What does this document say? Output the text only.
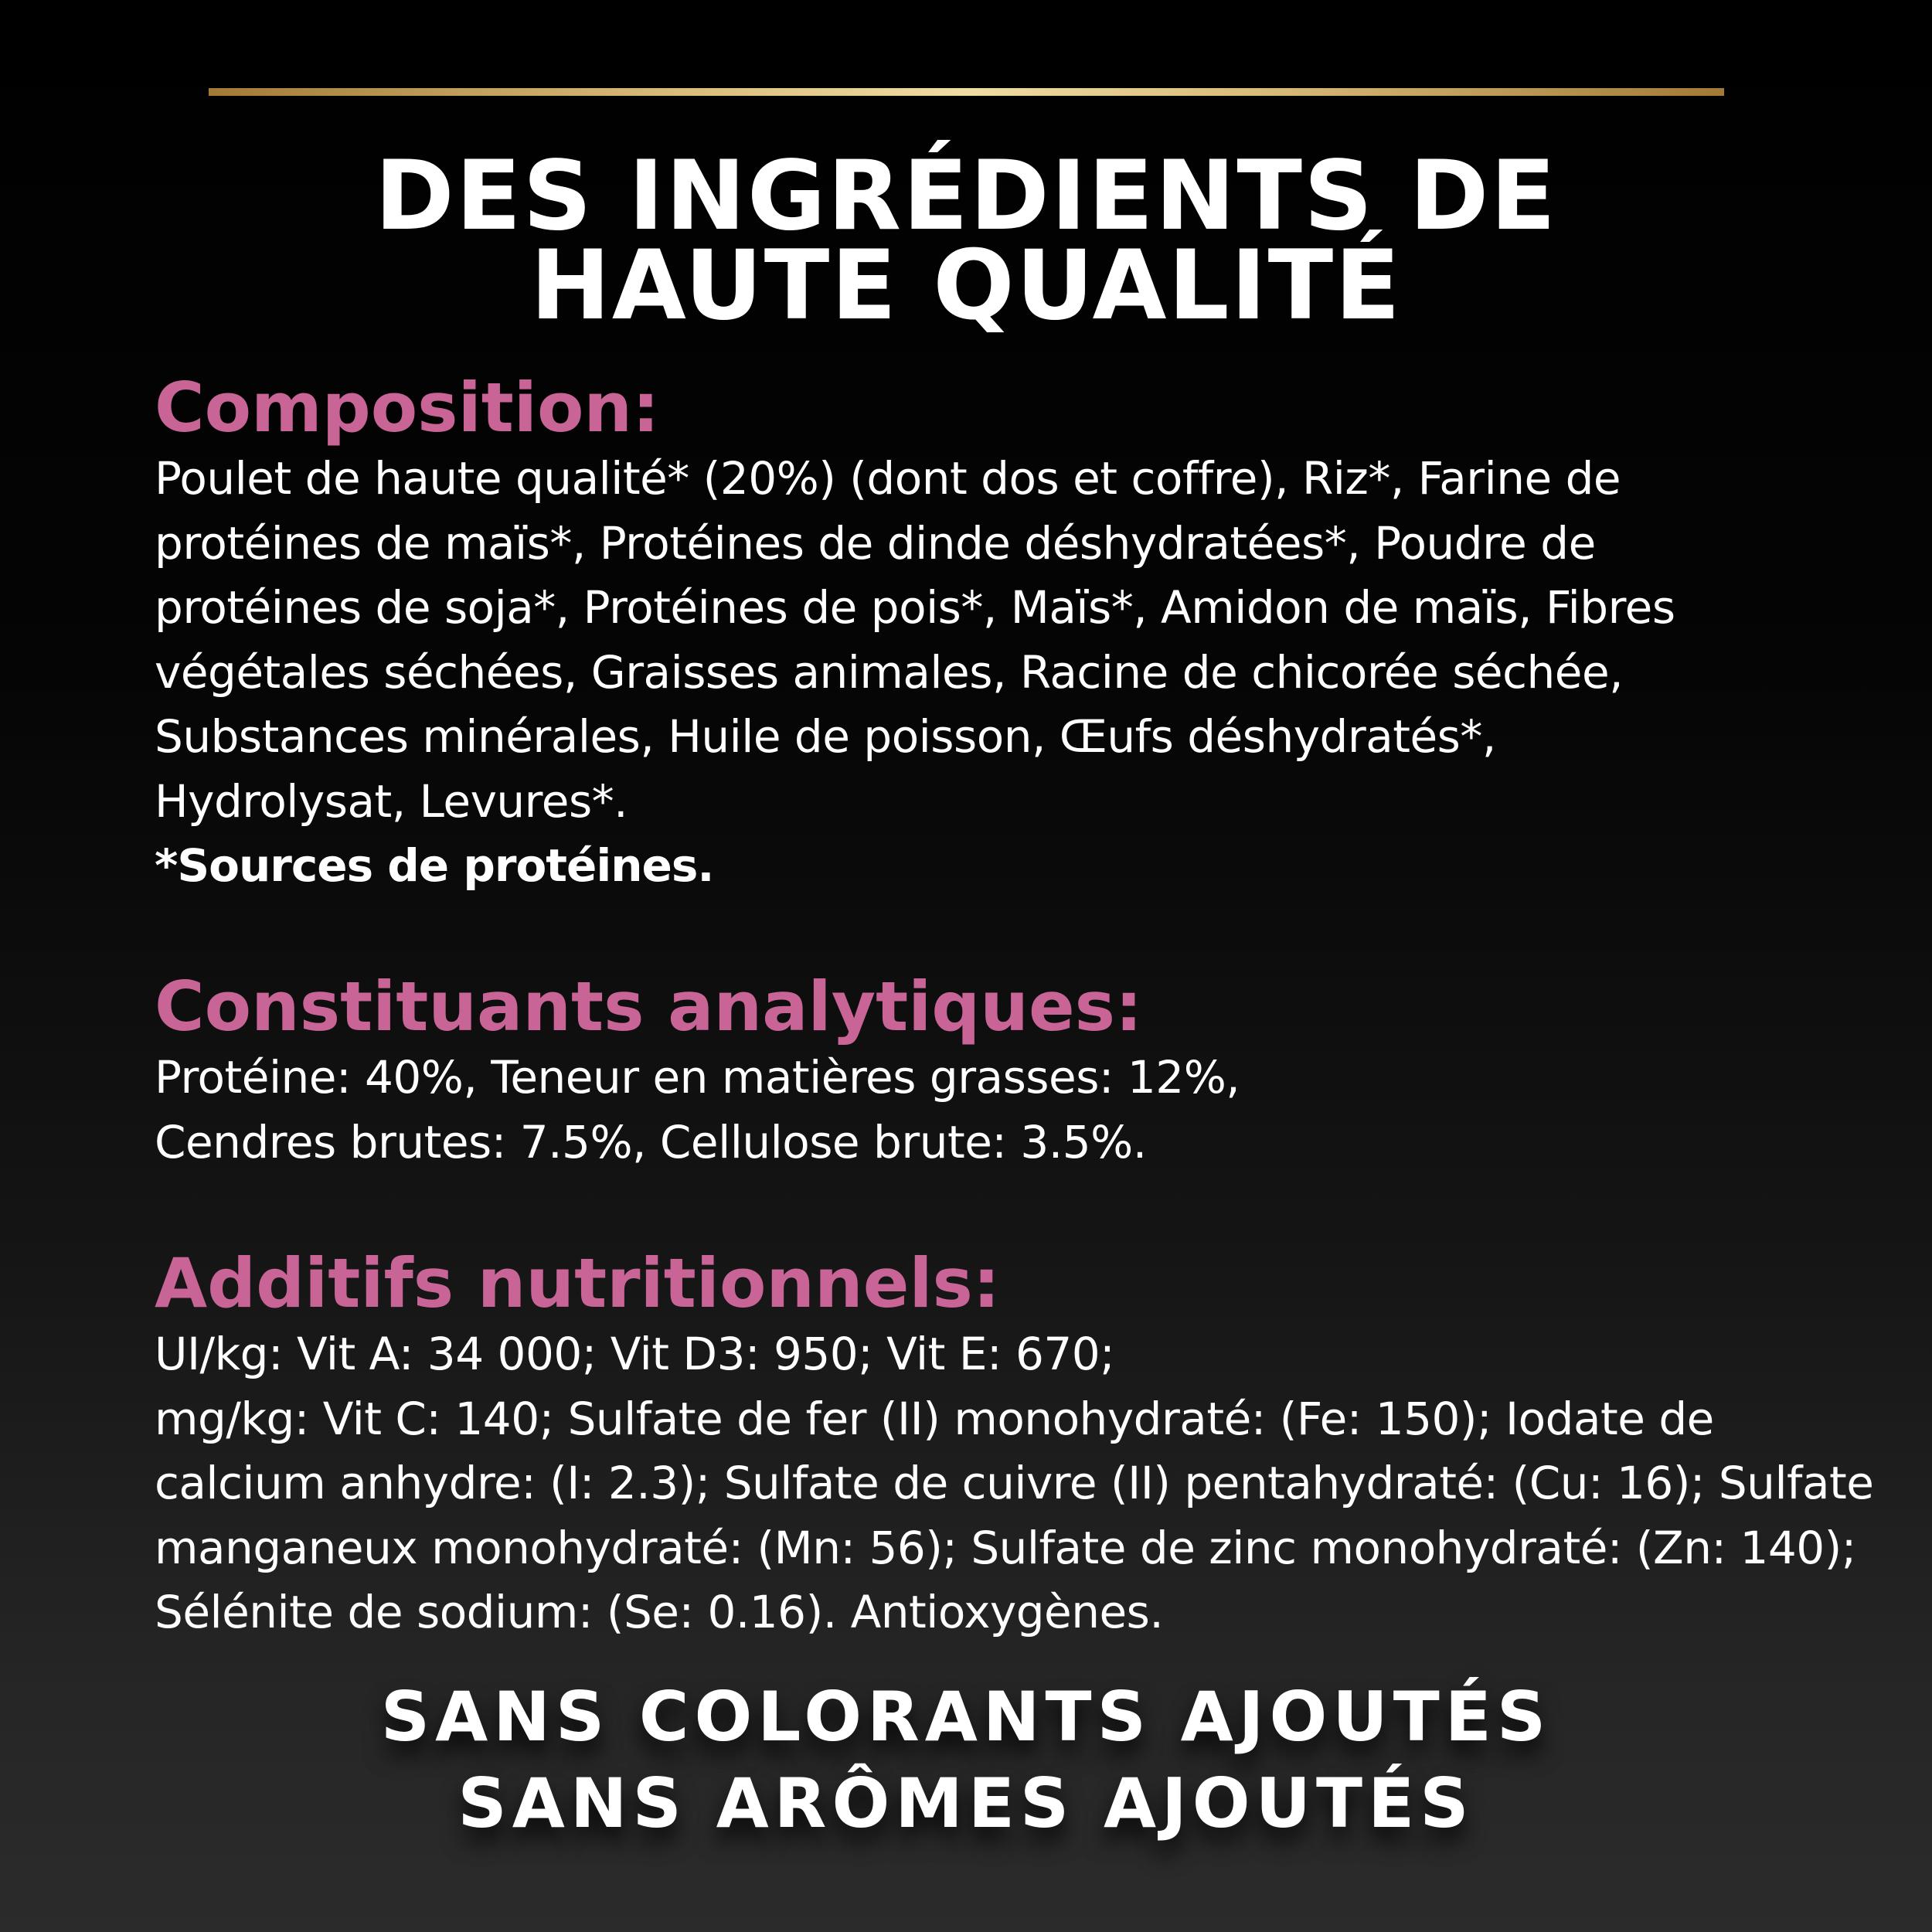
DES INGRÉDIENTS DE
HAUTE QUALITÉ
Composition:
Poulet de haute qualité* (20%) (dont dos et coffre), Riz*, Farine de
protéines de maïs*, Protéines de dinde déshydratées*, Poudre de
protéines de soja*, Protéines de pois*, Maïs*, Amidon de maïs, Fibres
végétales séchées, Graisses animales, Racine de chicorée séchée,
Substances minérales, Huile de poisson, Œufs déshydratés*,
Hydrolysat, Levures*.
*Sources de protéines.
Constituants analytiques:
Protéine: 40%, Teneur en matières grasses: 12%,
Cendres brutes: 7.5%, Cellulose brute: 3.5%.
Additifs nutritionnels:
UI/kg: Vit A: 34 000; Vit D3: 950; Vit E: 670;
mg/kg: Vit C: 140; Sulfate de fer (II) monohydraté: (Fe: 150); Iodate de
calcium anhydre: (I: 2.3); Sulfate de cuivre (II) pentahydraté: (Cu: 16); Sulfate
manganeux monohydraté: (Mn: 56); Sulfate de zinc monohydraté: (Zn: 140);
Sélénite de sodium: (Se: 0.16). Antioxygènes.
SANS COLORANTS AJOUTÉS
SANS ARÔMES AJOUTÉS
